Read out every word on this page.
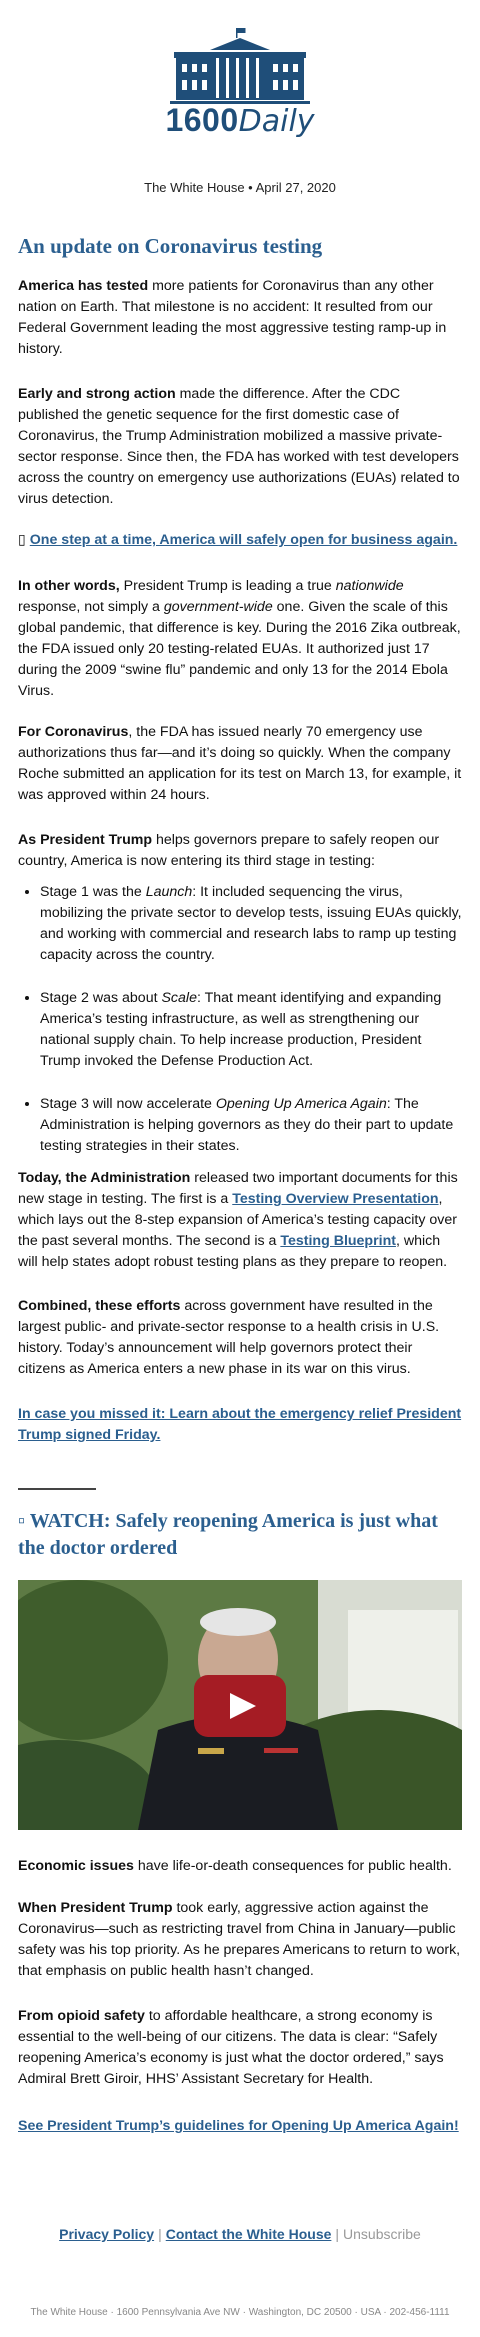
1600Daily
The White House • April 27, 2020
An update on Coronavirus testing

America has tested more patients for Coronavirus than any other nation on Earth. That milestone is no accident: It resulted from our Federal Government leading the most aggressive testing ramp-up in history.

Early and strong action made the difference. After the CDC published the genetic sequence for the first domestic case of Coronavirus, the Trump Administration mobilized a massive private-sector response. Since then, the FDA has worked with test developers across the country on emergency use authorizations (EUAs) related to virus detection.

▯ One step at a time, America will safely open for business again.

In other words, President Trump is leading a true nationwide response, not simply a government-wide one. Given the scale of this global pandemic, that difference is key. During the 2016 Zika outbreak, the FDA issued only 20 testing-related EUAs. It authorized just 17 during the 2009 “swine flu” pandemic and only 13 for the 2014 Ebola Virus.

For Coronavirus, the FDA has issued nearly 70 emergency use authorizations thus far—and it’s doing so quickly. When the company Roche submitted an application for its test on March 13, for example, it was approved within 24 hours.

As President Trump helps governors prepare to safely reopen our country, America is now entering its third stage in testing:

• Stage 1 was the Launch: It included sequencing the virus, mobilizing the private sector to develop tests, issuing EUAs quickly, and working with commercial and research labs to ramp up testing capacity across the country.
• Stage 2 was about Scale: That meant identifying and expanding America’s testing infrastructure, as well as strengthening our national supply chain. To help increase production, President Trump invoked the Defense Production Act.
• Stage 3 will now accelerate Opening Up America Again: The Administration is helping governors as they do their part to update testing strategies in their states.

Today, the Administration released two important documents for this new stage in testing. The first is a Testing Overview Presentation, which lays out the 8-step expansion of America’s testing capacity over the past several months. The second is a Testing Blueprint, which will help states adopt robust testing plans as they prepare to reopen.

Combined, these efforts across government have resulted in the largest public- and private-sector response to a health crisis in U.S. history. Today’s announcement will help governors protect their citizens as America enters a new phase in its war on this virus.

In case you missed it: Learn about the emergency relief President Trump signed Friday.

▫ WATCH: Safely reopening America is just what the doctor ordered

Economic issues have life-or-death consequences for public health.

When President Trump took early, aggressive action against the Coronavirus—such as restricting travel from China in January—public safety was his top priority. As he prepares Americans to return to work, that emphasis on public health hasn’t changed.

From opioid safety to affordable healthcare, a strong economy is essential to the well-being of our citizens. The data is clear: “Safely reopening America’s economy is just what the doctor ordered,” says Admiral Brett Giroir, HHS’ Assistant Secretary for Health.

See President Trump’s guidelines for Opening Up America Again!

Privacy Policy | Contact the White House | Unsubscribe
The White House · 1600 Pennsylvania Ave NW · Washington, DC 20500 · USA · 202-456-1111
